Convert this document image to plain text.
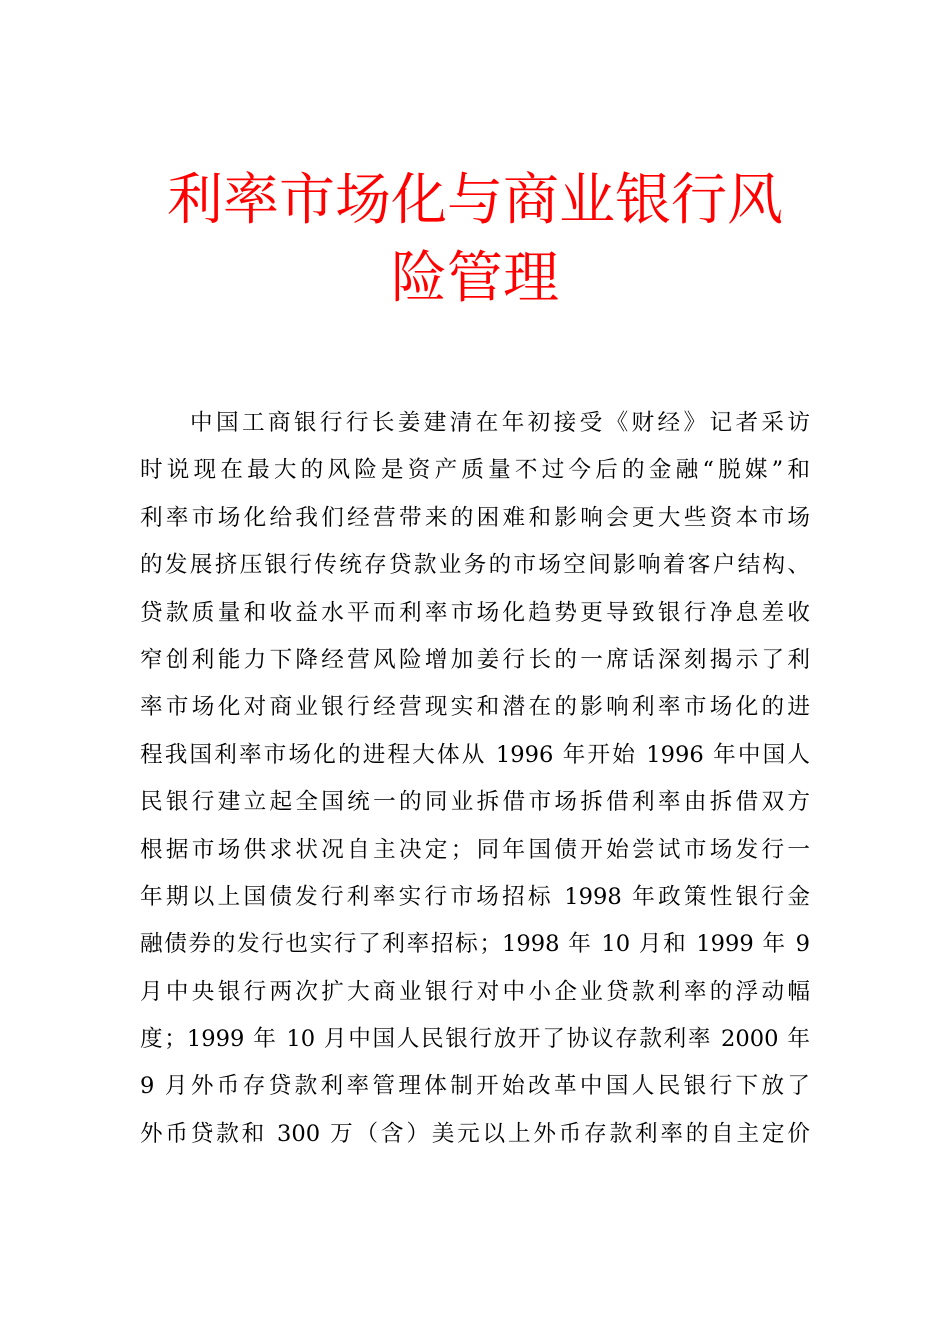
利率市场化与商业银行风
险管理
中国工商银行行长姜建清在年初接受《财经》记者采访
时说现在最大的风险是资产质量不过今后的金融“脱媒”和
利率市场化给我们经营带来的困难和影响会更大些资本市场
的发展挤压银行传统存贷款业务的市场空间影响着客户结构、
贷款质量和收益水平而利率市场化趋势更导致银行净息差收
窄创利能力下降经营风险增加姜行长的一席话深刻揭示了利
率市场化对商业银行经营现实和潜在的影响利率市场化的进
程我国利率市场化的进程大体从 1996 年开始 1996 年中国人
民银行建立起全国统一的同业拆借市场拆借利率由拆借双方
根据市场供求状况自主决定；同年国债开始尝试市场发行一
年期以上国债发行利率实行市场招标 1998 年政策性银行金
融债券的发行也实行了利率招标；1998 年 10 月和 1999 年 9
月中央银行两次扩大商业银行对中小企业贷款利率的浮动幅
度；1999 年 10 月中国人民银行放开了协议存款利率 2000 年
9 月外币存贷款利率管理体制开始改革中国人民银行下放了
外币贷款和 300 万（含）美元以上外币存款利率的自主定价
